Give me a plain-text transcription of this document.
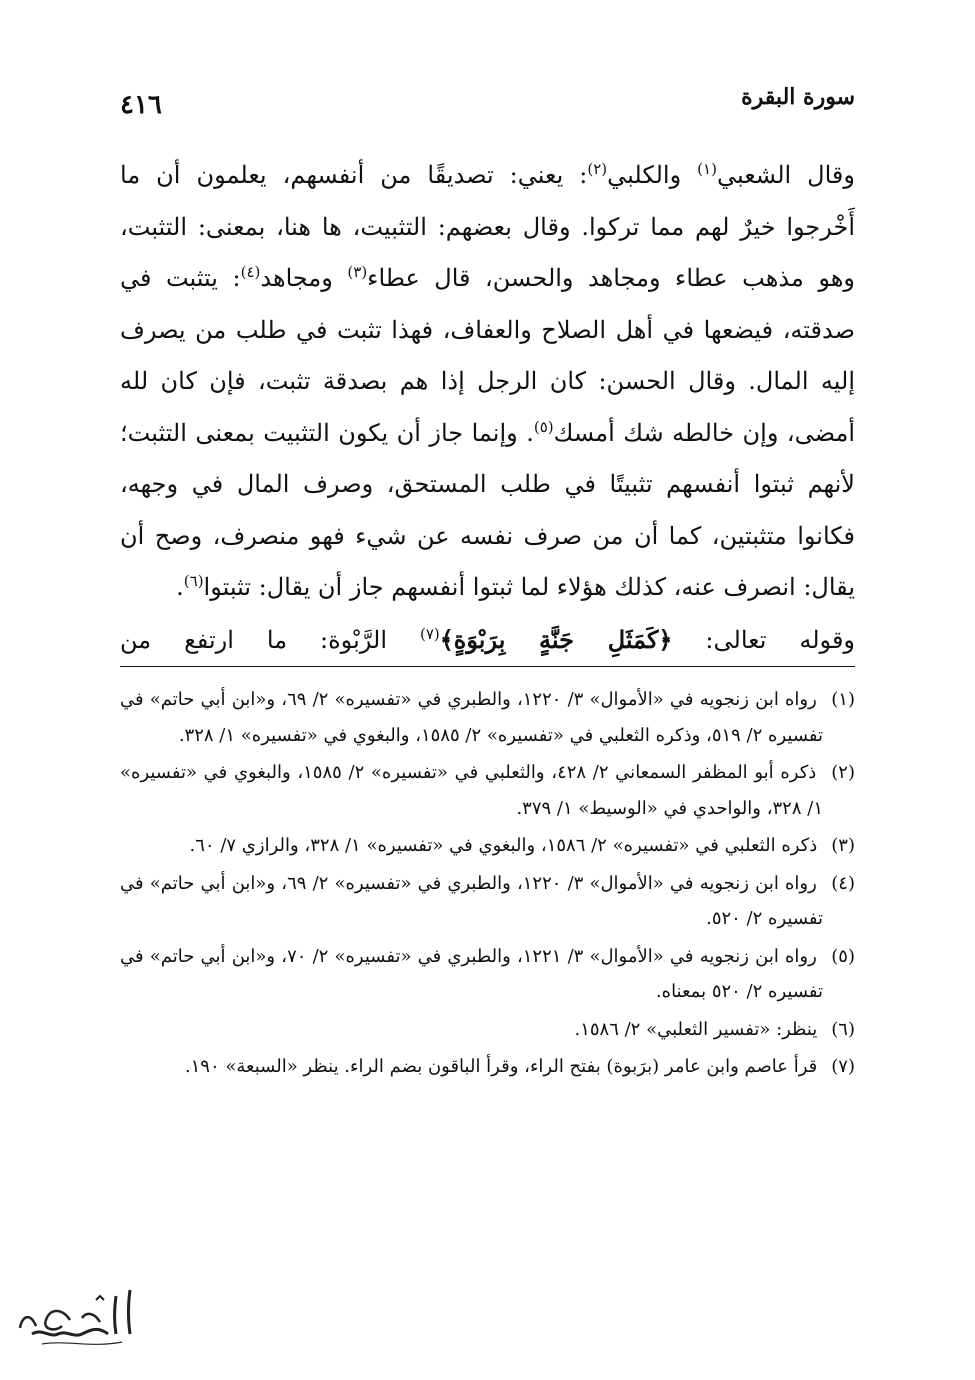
سورة البقرة
٤١٦

وقال الشعبي$^{(١)}$ والكلبي$^{(٢)}$: يعني: تصديقًا من أنفسهم، يعلمون أن ما أَخْرجوا خيرٌ لهم مما تركوا. وقال بعضهم: التثبيت، ها هنا، بمعنى: التثبت، وهو مذهب عطاء ومجاهد والحسن، قال عطاء$^{(٣)}$ ومجاهد$^{(٤)}$: يتثبت في صدقته، فيضعها في أهل الصلاح والعفاف، فهذا تثبت في طلب من يصرف إليه المال. وقال الحسن: كان الرجل إذا هم بصدقة تثبت، فإن كان لله أمضى، وإن خالطه شك أمسك$^{(٥)}$. وإنما جاز أن يكون التثبيت بمعنى التثبت؛ لأنهم ثبتوا أنفسهم تثبيتًا في طلب المستحق، وصرف المال في وجهه، فكانوا متثبتين، كما أن من صرف نفسه عن شيء فهو منصرف، وصح أن يقال: انصرف عنه، كذلك هؤلاء لما ثبتوا أنفسهم جاز أن يقال: تثبتوا$^{(٦)}$.

وقوله تعالى: ﴿كَمَثَلِ جَنَّةٍ بِرَبْوَةٍ﴾$^{(٧)}$ الرَّبْوة: ما ارتفع من

(١) رواه ابن زنجويه في «الأموال» ٣/ ١٢٢٠، والطبري في «تفسيره» ٢/ ٦٩، و«ابن أبي حاتم» في تفسيره ٢/ ٥١٩، وذكره الثعلبي في «تفسيره» ٢/ ١٥٨٥، والبغوي في «تفسيره» ١/ ٣٢٨.
(٢) ذكره أبو المظفر السمعاني ٢/ ٤٢٨، والثعلبي في «تفسيره» ٢/ ١٥٨٥، والبغوي في «تفسيره» ١/ ٣٢٨، والواحدي في «الوسيط» ١/ ٣٧٩.
(٣) ذكره الثعلبي في «تفسيره» ٢/ ١٥٨٦، والبغوي في «تفسيره» ١/ ٣٢٨، والرازي ٧/ ٦٠.
(٤) رواه ابن زنجويه في «الأموال» ٣/ ١٢٢٠، والطبري في «تفسيره» ٢/ ٦٩، و«ابن أبي حاتم» في تفسيره ٢/ ٥٢٠.
(٥) رواه ابن زنجويه في «الأموال» ٣/ ١٢٢١، والطبري في «تفسيره» ٢/ ٧٠، و«ابن أبي حاتم» في تفسيره ٢/ ٥٢٠ بمعناه.
(٦) ينظر: «تفسير الثعلبي» ٢/ ١٥٨٦.
(٧) قرأ عاصم وابن عامر (برَبوة) بفتح الراء، وقرأ الباقون بضم الراء. ينظر «السبعة» ١٩٠.
